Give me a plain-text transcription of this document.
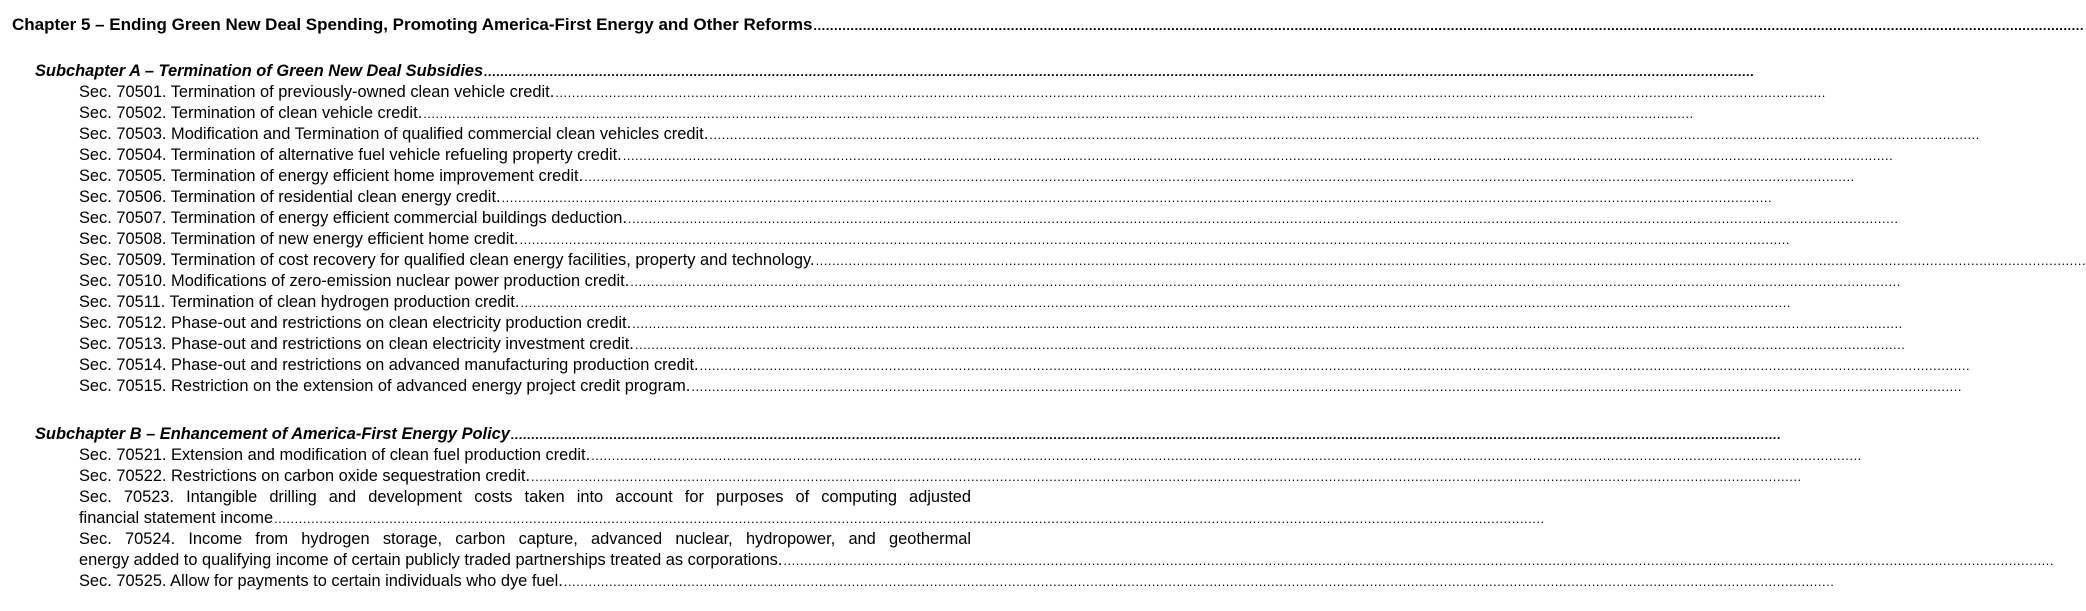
Chapter 5 – Ending Green New Deal Spending, Promoting America-First Energy and Other Reforms .....................................................................................................................................................................................................................................................................................................................
Subchapter A – Termination of Green New Deal Subsidies .....................................................................................................................................................................................................................................................................................................................
Sec. 70501. Termination of previously-owned clean vehicle credit. .....................................................................................................................................................................................................................................................................................................................
Sec. 70502. Termination of clean vehicle credit. .....................................................................................................................................................................................................................................................................................................................
Sec. 70503. Modification and Termination of qualified commercial clean vehicles credit. .....................................................................................................................................................................................................................................................................................................................
Sec. 70504. Termination of alternative fuel vehicle refueling property credit. .....................................................................................................................................................................................................................................................................................................................
Sec. 70505. Termination of energy efficient home improvement credit. .....................................................................................................................................................................................................................................................................................................................
Sec. 70506. Termination of residential clean energy credit. .....................................................................................................................................................................................................................................................................................................................
Sec. 70507. Termination of energy efficient commercial buildings deduction. .....................................................................................................................................................................................................................................................................................................................
Sec. 70508. Termination of new energy efficient home credit. .....................................................................................................................................................................................................................................................................................................................
Sec. 70509. Termination of cost recovery for qualified clean energy facilities, property and technology. .....................................................................................................................................................................................................................................................................................................................
Sec. 70510. Modifications of zero-emission nuclear power production credit. .....................................................................................................................................................................................................................................................................................................................
Sec. 70511. Termination of clean hydrogen production credit. .....................................................................................................................................................................................................................................................................................................................
Sec. 70512. Phase-out and restrictions on clean electricity production credit. .....................................................................................................................................................................................................................................................................................................................
Sec. 70513. Phase-out and restrictions on clean electricity investment credit. .....................................................................................................................................................................................................................................................................................................................
Sec. 70514. Phase-out and restrictions on advanced manufacturing production credit. .....................................................................................................................................................................................................................................................................................................................
Sec. 70515. Restriction on the extension of advanced energy project credit program. .....................................................................................................................................................................................................................................................................................................................
Subchapter B – Enhancement of America-First Energy Policy .....................................................................................................................................................................................................................................................................................................................
Sec. 70521. Extension and modification of clean fuel production credit. .....................................................................................................................................................................................................................................................................................................................
Sec. 70522. Restrictions on carbon oxide sequestration credit. .....................................................................................................................................................................................................................................................................................................................
Sec. 70523. Intangible drilling and development costs taken into account for purposes of computing adjusted
financial statement income .....................................................................................................................................................................................................................................................................................................................
Sec. 70524. Income from hydrogen storage, carbon capture, advanced nuclear, hydropower, and geothermal
energy added to qualifying income of certain publicly traded partnerships treated as corporations. .....................................................................................................................................................................................................................................................................................................................
Sec. 70525. Allow for payments to certain individuals who dye fuel. .....................................................................................................................................................................................................................................................................................................................
